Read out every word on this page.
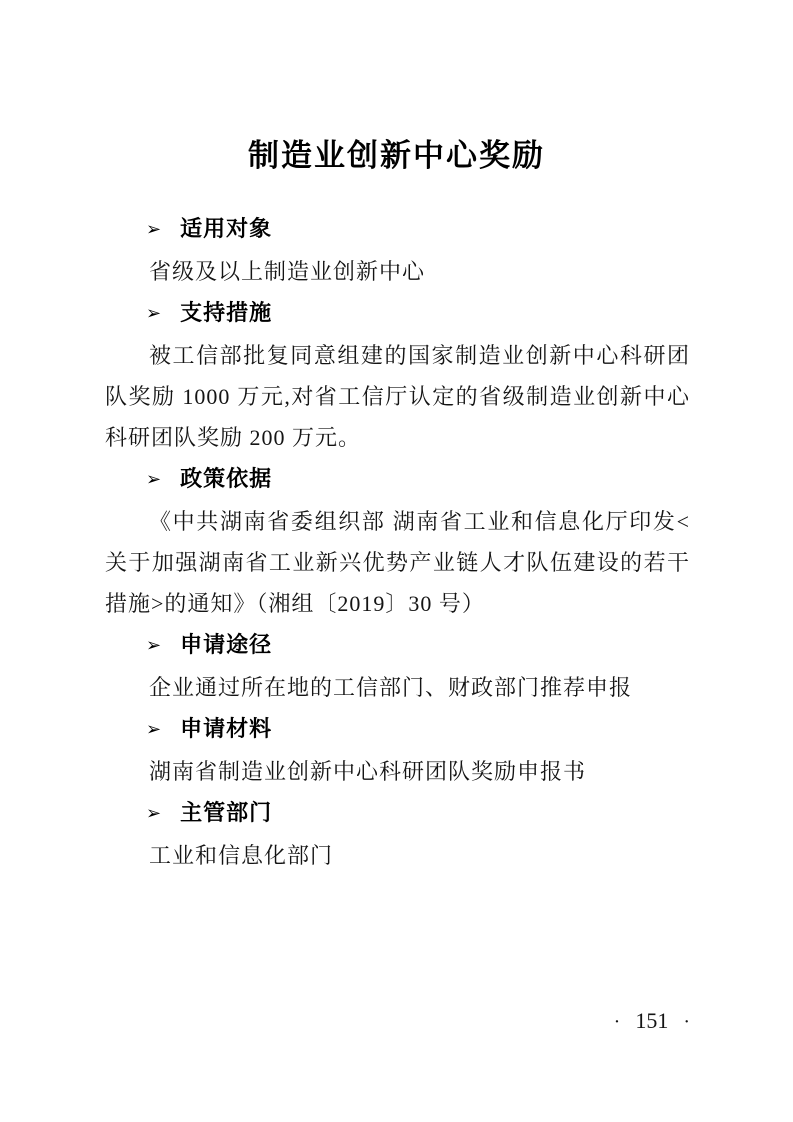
制造业创新中心奖励
➢ 适用对象

省级及以上制造业创新中心

➢ 支持措施

被工信部批复同意组建的国家制造业创新中心科研团队奖励 1000 万元,对省工信厅认定的省级制造业创新中心科研团队奖励 200 万元。

➢ 政策依据

《中共湖南省委组织部 湖南省工业和信息化厅印发<关于加强湖南省工业新兴优势产业链人才队伍建设的若干措施>的通知》（湘组〔2019〕30 号）

➢ 申请途径

企业通过所在地的工信部门、财政部门推荐申报

➢ 申请材料

湖南省制造业创新中心科研团队奖励申报书

➢ 主管部门

工业和信息化部门

· 151 ·
